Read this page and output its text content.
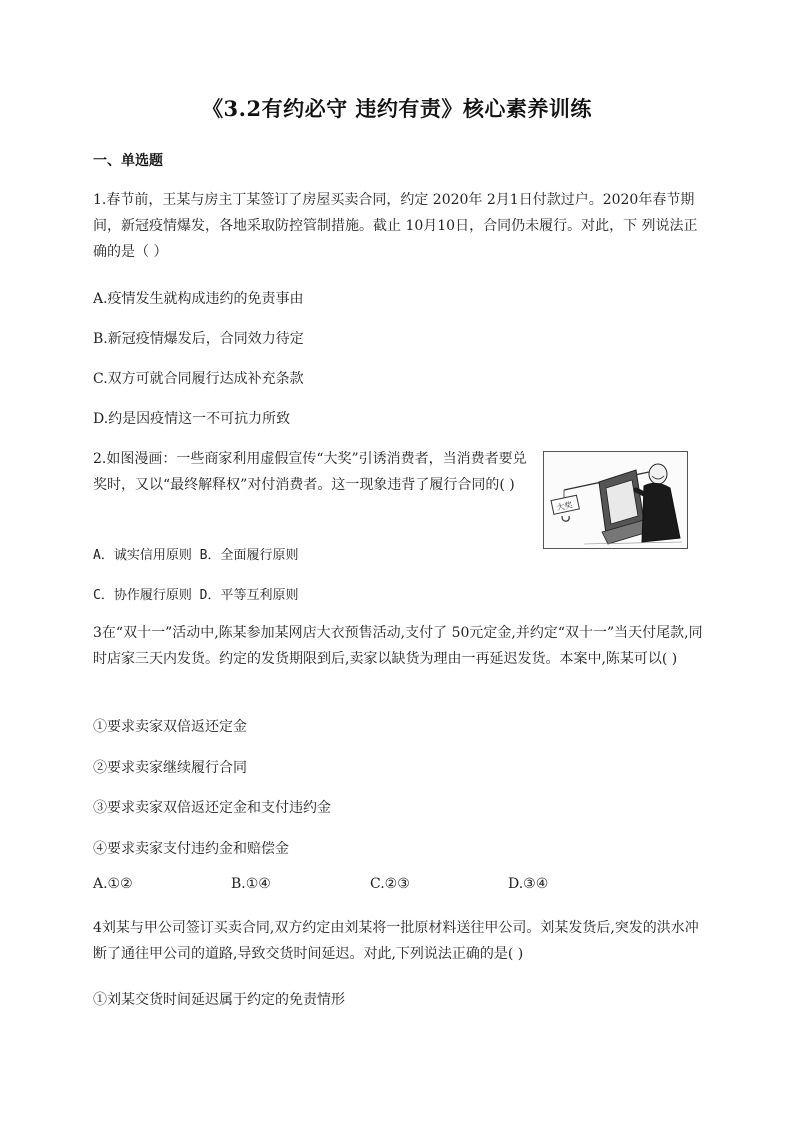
《3.2有约必守 违约有责》核心素养训练
一、单选题
1.春节前，王某与房主丁某签订了房屋买卖合同，约定 2020年 2月1日付款过户。2020年春节期间，新冠疫情爆发，各地采取防控管制措施。截止 10月10日，合同仍未履行。对此，下 列说法正确的是（ ）
A.疫情发生就构成违约的免责事由
B.新冠疫情爆发后，合同效力待定
C.双方可就合同履行达成补充条款
D.约是因疫情这一不可抗力所致
2.如图漫画：一些商家利用虚假宣传“大奖”引诱消费者，当消费者要兑奖时，又以“最终解释权”对付消费者。这一现象违背了履行合同的( )
A．诚实信用原则 B．全面履行原则
C．协作履行原则 D．平等互利原则
大奖
3在“双十一”活动中,陈某参加某网店大衣预售活动,支付了 50元定金,并约定“双十一”当天付尾款,同时店家三天内发货。约定的发货期限到后,卖家以缺货为理由一再延迟发货。本案中,陈某可以( )
①要求卖家双倍返还定金
②要求卖家继续履行合同
③要求卖家双倍返还定金和支付违约金
④要求卖家支付违约金和赔偿金
A.①②	B.①④	C.②③	D.③④
4刘某与甲公司签订买卖合同,双方约定由刘某将一批原材料送往甲公司。刘某发货后,突发的洪水冲断了通往甲公司的道路,导致交货时间延迟。对此,下列说法正确的是( )
①刘某交货时间延迟属于约定的免责情形
